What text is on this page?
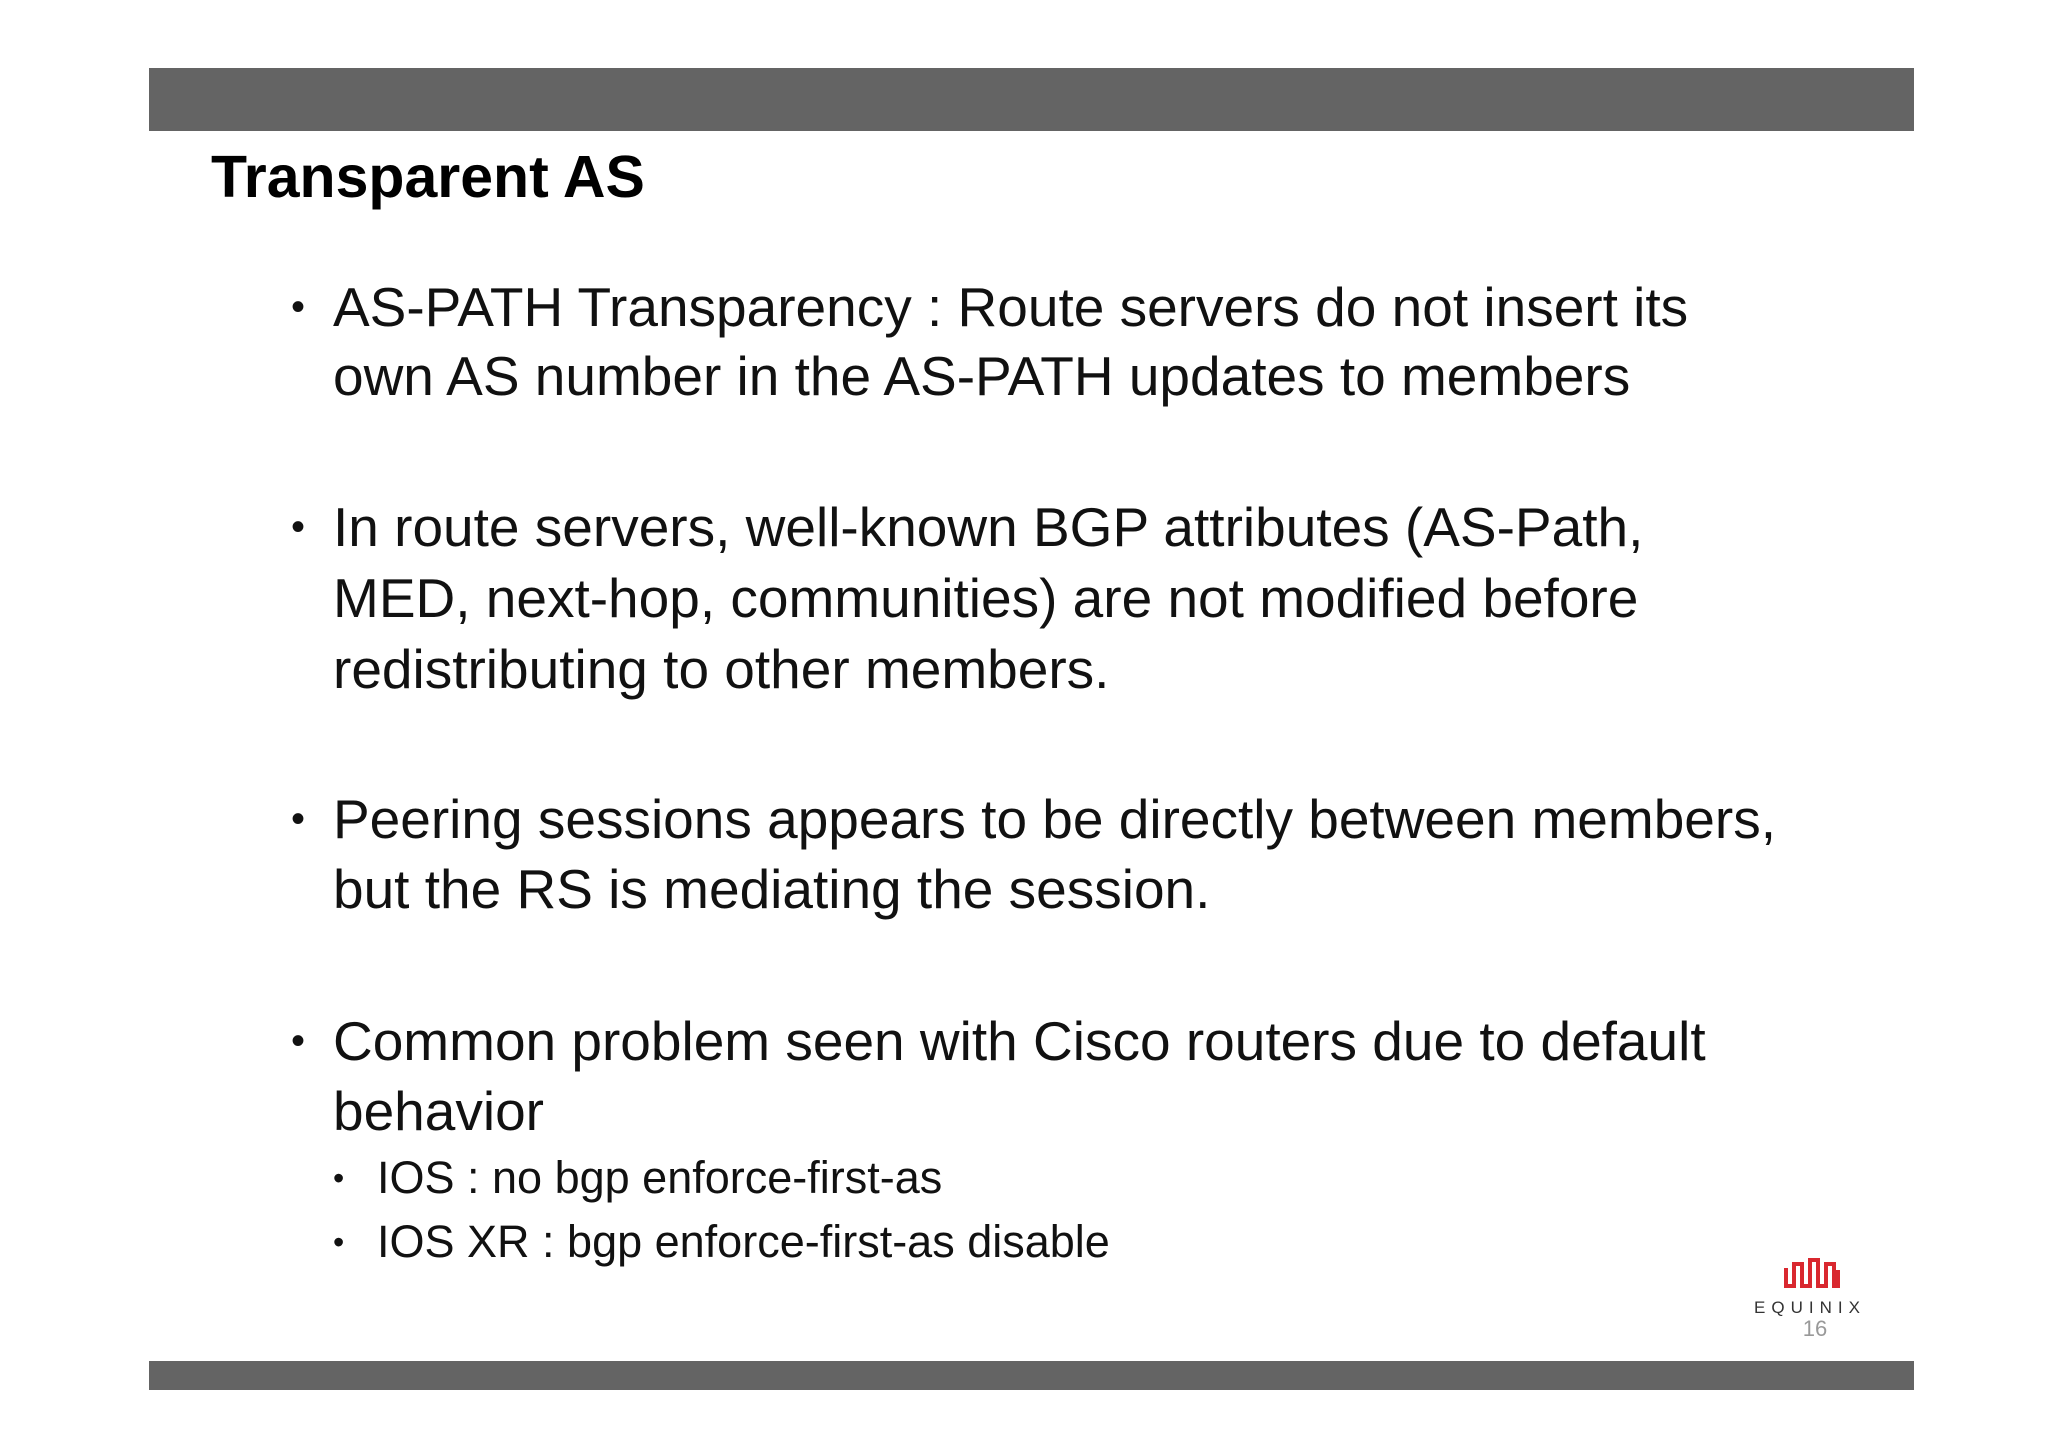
Transparent AS
• AS-PATH Transparency : Route servers do not insert its
own AS number in the AS-PATH updates to members
• In route servers, well-known BGP attributes (AS-Path,
MED, next-hop, communities) are not modified before
redistributing to other members.
• Peering sessions appears to be directly between members,
but the RS is mediating the session.
• Common problem seen with Cisco routers due to default
behavior
• IOS : no bgp enforce-first-as
• IOS XR : bgp enforce-first-as disable
EQUINIX
16
